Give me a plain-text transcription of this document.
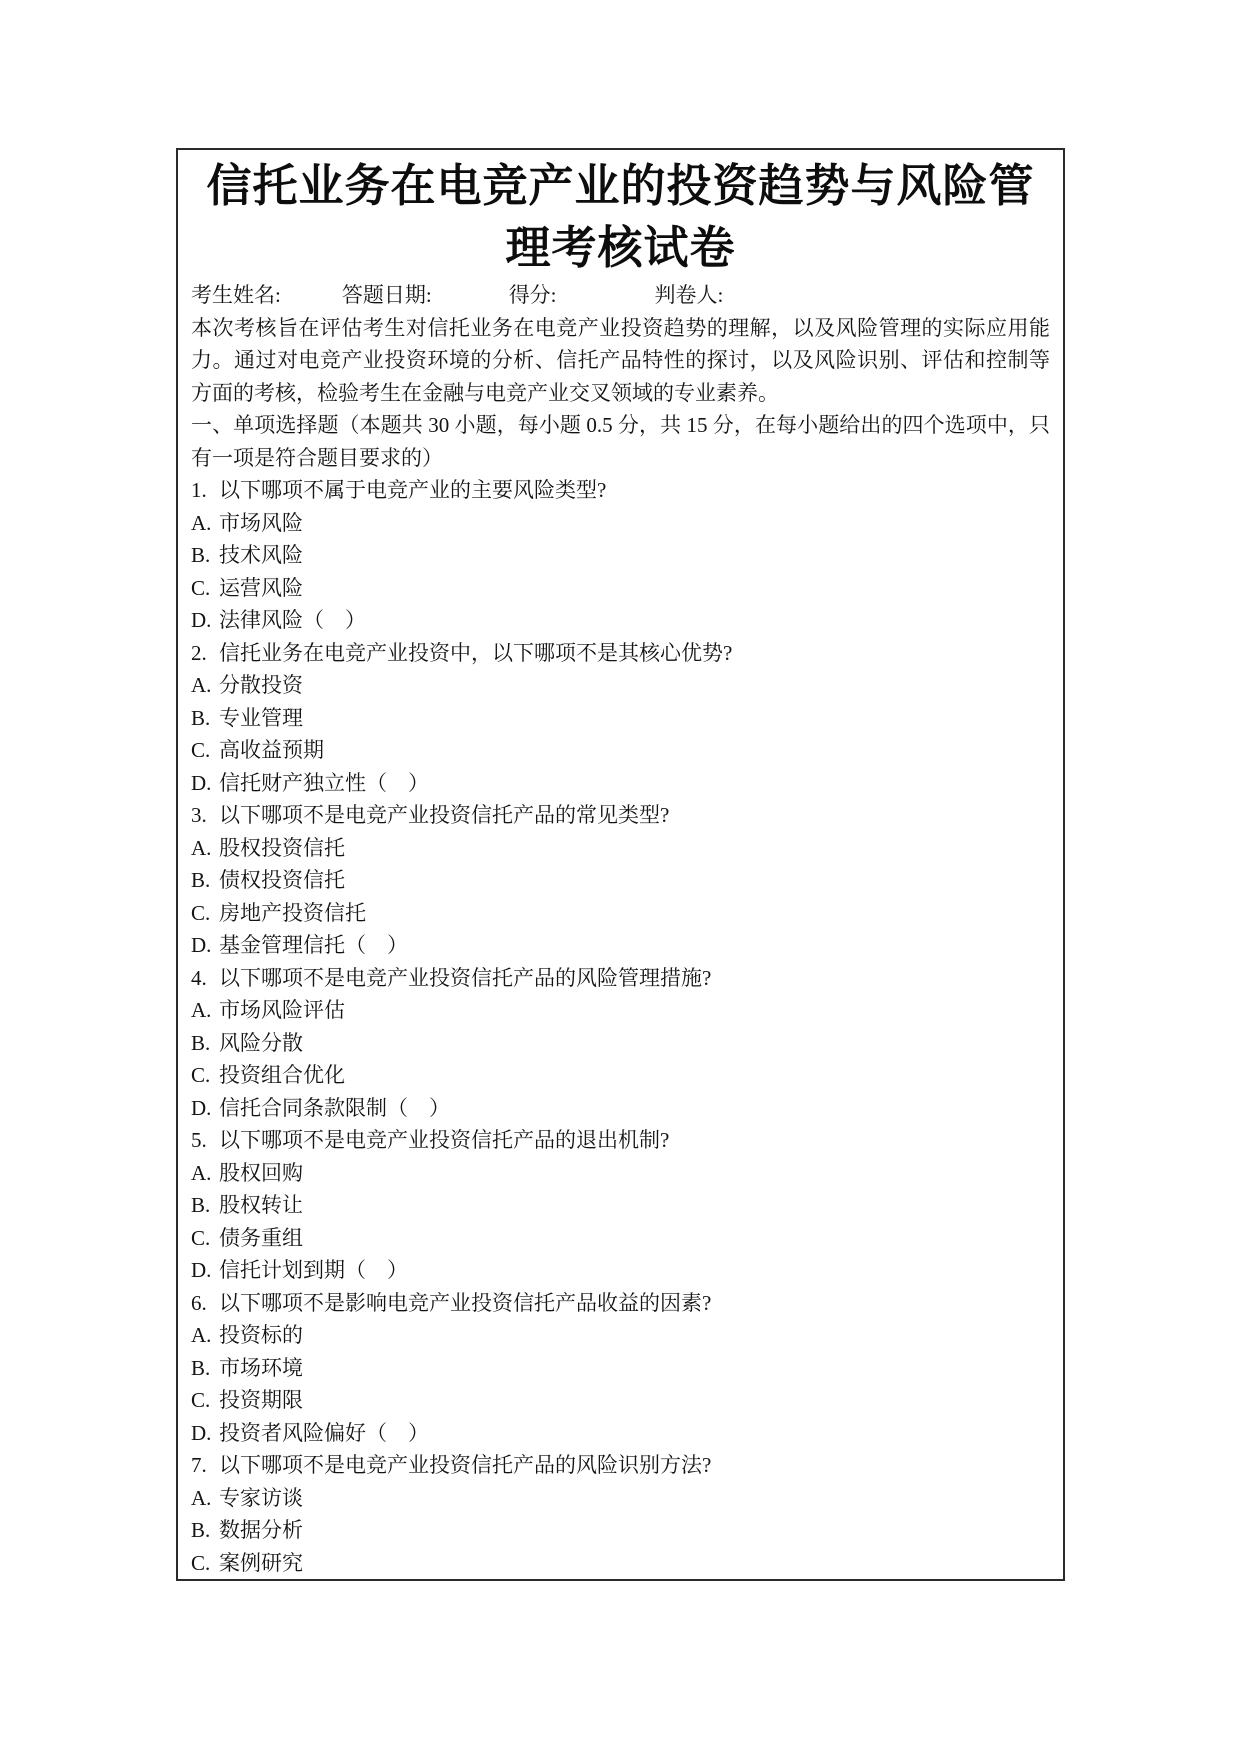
信托业务在电竞产业的投资趋势与风险管
理考核试卷
考生姓名:	答题日期:	得分:	判卷人:
本次考核旨在评估考生对信托业务在电竞产业投资趋势的理解，以及风险管理的实际应用能力。通过对电竞产业投资环境的分析、信托产品特性的探讨，以及风险识别、评估和控制等方面的考核，检验考生在金融与电竞产业交叉领域的专业素养。
一、单项选择题（本题共 30 小题，每小题 0.5 分，共 15 分，在每小题给出的四个选项中，只有一项是符合题目要求的）
1. 以下哪项不属于电竞产业的主要风险类型?
A. 市场风险
B. 技术风险
C. 运营风险
D. 法律风险（　）
2. 信托业务在电竞产业投资中，以下哪项不是其核心优势?
A. 分散投资
B. 专业管理
C. 高收益预期
D. 信托财产独立性（　）
3. 以下哪项不是电竞产业投资信托产品的常见类型?
A. 股权投资信托
B. 债权投资信托
C. 房地产投资信托
D. 基金管理信托（　）
4. 以下哪项不是电竞产业投资信托产品的风险管理措施?
A. 市场风险评估
B. 风险分散
C. 投资组合优化
D. 信托合同条款限制（　）
5. 以下哪项不是电竞产业投资信托产品的退出机制?
A. 股权回购
B. 股权转让
C. 债务重组
D. 信托计划到期（　）
6. 以下哪项不是影响电竞产业投资信托产品收益的因素?
A. 投资标的
B. 市场环境
C. 投资期限
D. 投资者风险偏好（　）
7. 以下哪项不是电竞产业投资信托产品的风险识别方法?
A. 专家访谈
B. 数据分析
C. 案例研究
